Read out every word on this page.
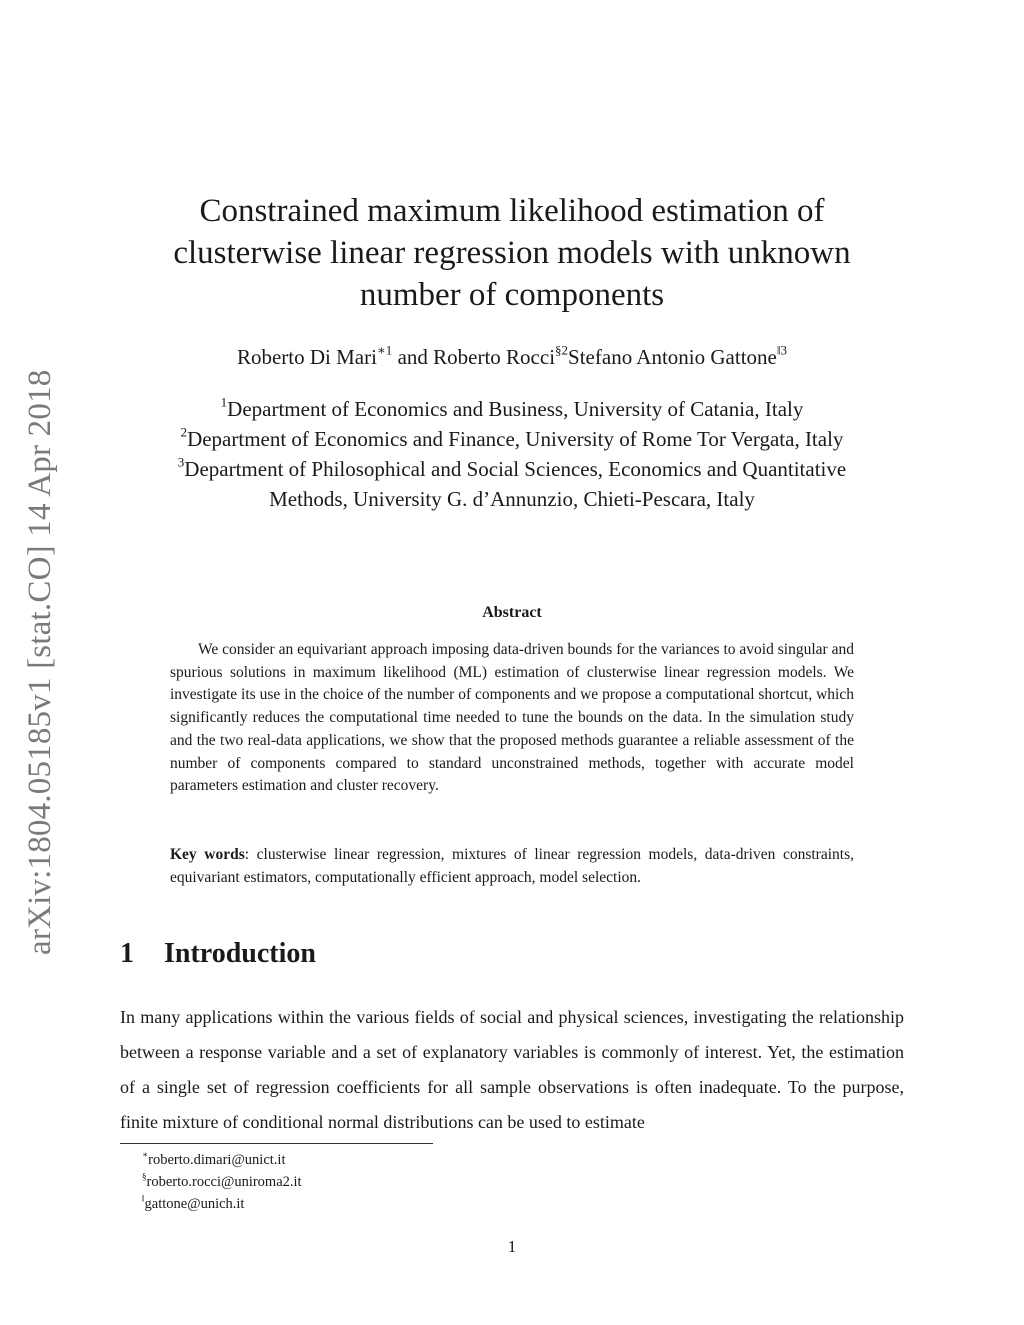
arXiv:1804.05185v1 [stat.CO] 14 Apr 2018
Constrained maximum likelihood estimation of
clusterwise linear regression models with unknown
number of components
Roberto Di Mari$^{∗1}$ and Roberto Rocci$^{\S 2}$Stefano Antonio Gattone$^{‖3}$
$^1$Department of Economics and Business, University of Catania, Italy
$^2$Department of Economics and Finance, University of Rome Tor Vergata, Italy
$^3$Department of Philosophical and Social Sciences, Economics and Quantitative
Methods, University G. d’Annunzio, Chieti-Pescara, Italy
Abstract

We consider an equivariant approach imposing data-driven bounds for the variances to avoid singular and spurious solutions in maximum likelihood (ML) estimation of clusterwise linear regression models. We investigate its use in the choice of the number of components and we propose a computational shortcut, which significantly reduces the computational time needed to tune the bounds on the data. In the simulation study and the two real-data applications, we show that the proposed methods guarantee a reliable assessment of the number of components compared to standard unconstrained methods, together with accurate model parameters estimation and cluster recovery.

Key words: clusterwise linear regression, mixtures of linear regression models, data-driven constraints, equivariant estimators, computationally efficient approach, model selection.

1 Introduction

In many applications within the various fields of social and physical sciences, investigating the relationship between a response variable and a set of explanatory variables is commonly of interest. Yet, the estimation of a single set of regression coefficients for all sample observations is often inadequate. To the purpose, finite mixture of conditional normal distributions can be used to estimate

∗roberto.dimari@unict.it
§roberto.rocci@uniroma2.it
‖gattone@unich.it
1
